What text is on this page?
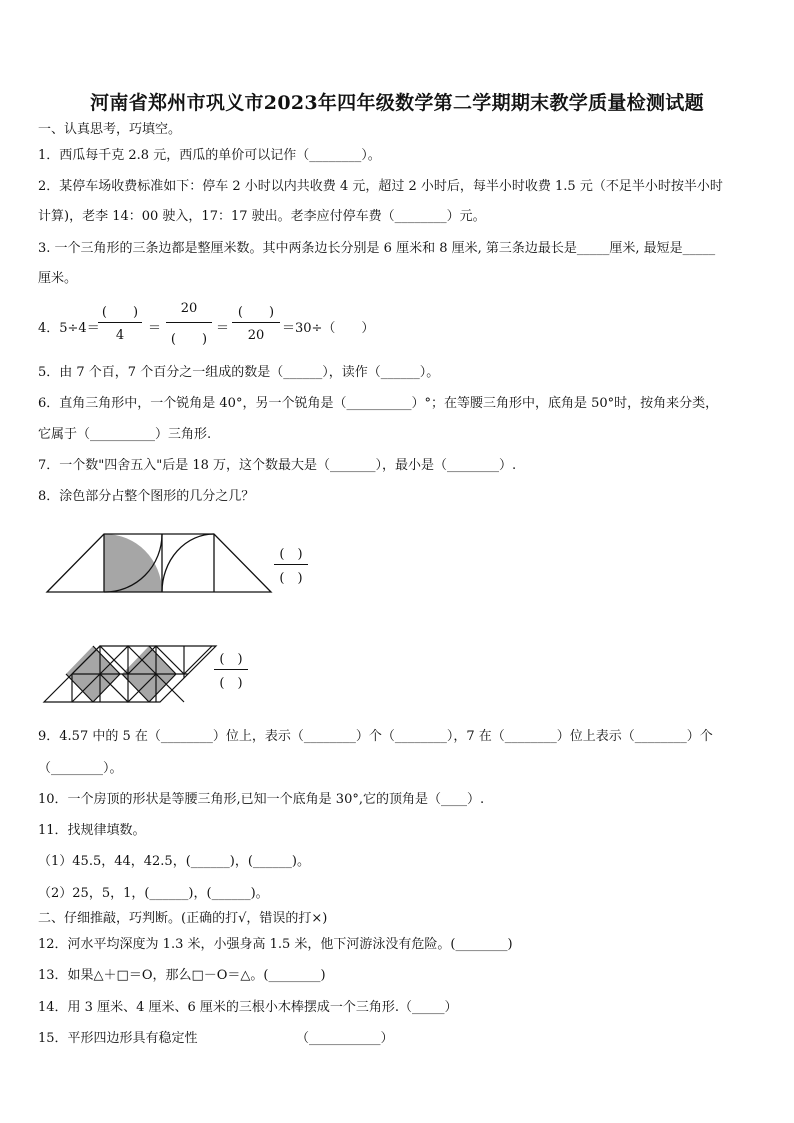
河南省郑州市巩义市2023年四年级数学第二学期期末教学质量检测试题
一、认真思考，巧填空。
1．西瓜每千克 2.8 元，西瓜的单价可以记作（________）。
2．某停车场收费标准如下：停车 2 小时以内共收费 4 元，超过 2 小时后，每半小时收费 1.5 元（不足半小时按半小时
计算)，老李 14：00 驶入，17：17 驶出。老李应付停车费（________）元。
3. 一个三角形的三条边都是整厘米数。其中两条边长分别是 6 厘米和 8 厘米, 第三条边最长是_____厘米, 最短是_____
厘米。
4．5÷4＝
(　　)
4	＝
20
(　　)
＝
(　　)
20	＝30÷（　　）
5．由 7 个百，7 个百分之一组成的数是（______），读作（______）。
6．直角三角形中，一个锐角是 40°，另一个锐角是（__________）°；在等腰三角形中，底角是 50°时，按角来分类，
它属于（__________）三角形.
7．一个数"四舍五入"后是 18 万，这个数最大是（_______），最小是（________）.
8．涂色部分占整个图形的几分之几？
(　)
(　)
(　)
(　)
9．4.57 中的 5 在（________）位上，表示（________）个（________），7 在（________）位上表示（________）个
（________）。
10．一个房顶的形状是等腰三角形,已知一个底角是 30°,它的顶角是（____）.
11．找规律填数。
（1）45.5，44，42.5，(______)，(______)。
（2）25，5，1，(______)，(______)。
二、仔细推敲，巧判断。(正确的打√，错误的打×)
12．河水平均深度为 1.3 米，小强身高 1.5 米，他下河游泳没有危险。(________)
13．如果△＋□＝O，那么□－O＝△。(________)
14．用 3 厘米、4 厘米、6 厘米的三根小木棒摆成一个三角形.（_____）
15．平形四边形具有稳定性	（___________）
